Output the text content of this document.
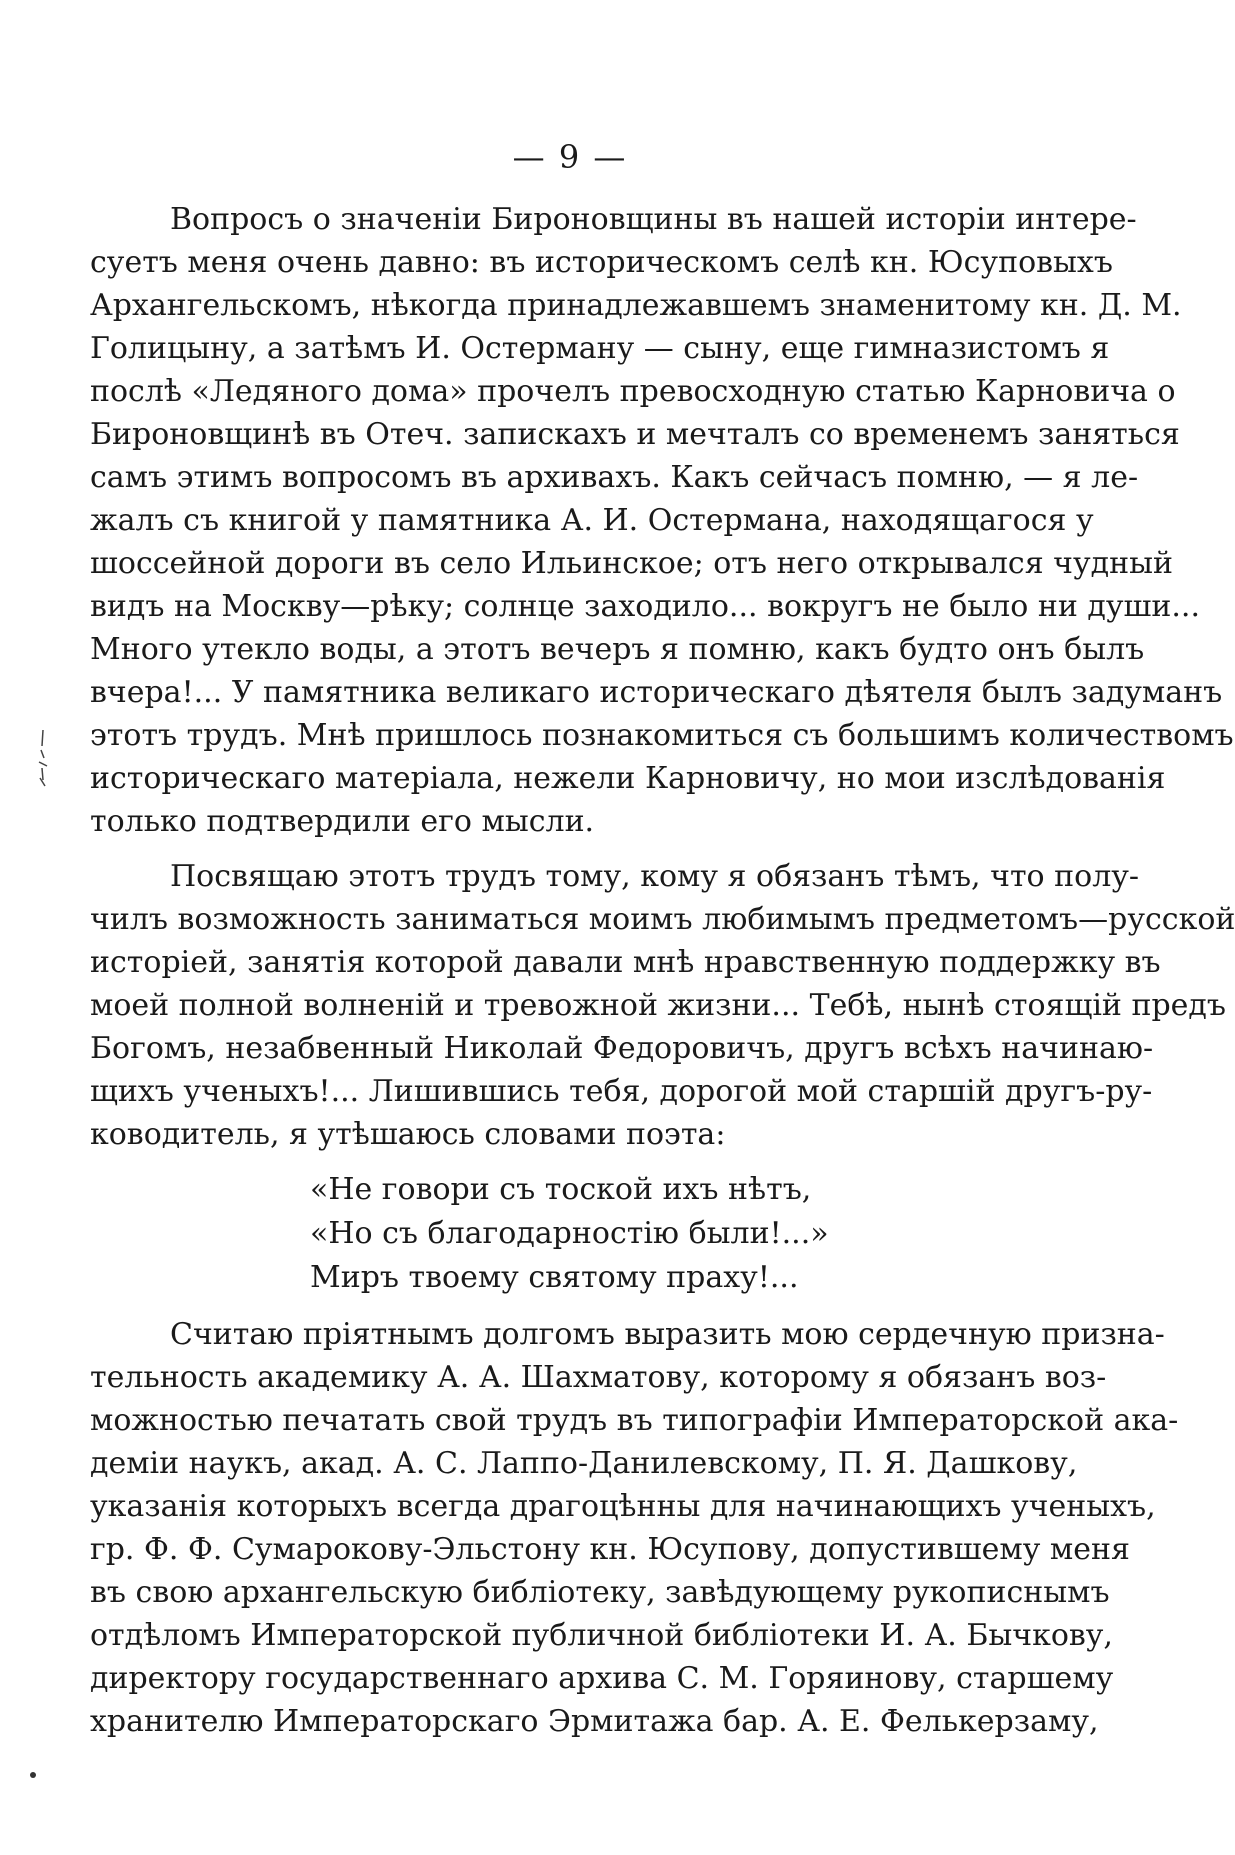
— 9 —
Вопросъ о значенiи Бироновщины въ нашей исторiи интере-
суетъ меня очень давно: въ историческомъ селѣ кн. Юсуповыхъ
Архангельскомъ, нѣкогда принадлежавшемъ знаменитому кн. Д. М.
Голицыну, а затѣмъ И. Остерману — сыну, еще гимназистомъ я
послѣ «Ледяного дома» прочелъ превосходную статью Карновича о
Бироновщинѣ въ Отеч. запискахъ и мечталъ со временемъ заняться
самъ этимъ вопросомъ въ архивахъ. Какъ сейчасъ помню, — я ле-
жалъ съ книгой у памятника А. И. Остермана, находящагося у
шоссейной дороги въ село Ильинское; отъ него открывался чудный
видъ на Москву—рѣку; солнце заходило... вокругъ не было ни души...
Много утекло воды, а этотъ вечеръ я помню, какъ будто онъ былъ
вчера!... У памятника великаго историческаго дѣятеля былъ задуманъ
этотъ трудъ. Мнѣ пришлось познакомиться съ большимъ количествомъ
историческаго матерiала, нежели Карновичу, но мои изслѣдованiя
только подтвердили его мысли.
Посвящаю этотъ трудъ тому, кому я обязанъ тѣмъ, что полу-
чилъ возможность заниматься моимъ любимымъ предметомъ—русской
исторiей, занятiя которой давали мнѣ нравственную поддержку въ
моей полной волненiй и тревожной жизни... Тебѣ, нынѣ стоящiй предъ
Богомъ, незабвенный Николай Федоровичъ, другъ всѣхъ начинаю-
щихъ ученыхъ!... Лишившись тебя, дорогой мой старшiй другъ-ру-
ководитель, я утѣшаюсь словами поэта:
«Не говори съ тоской ихъ нѣтъ,
«Но съ благодарностiю были!...»
Миръ твоему святому праху!...
Считаю прiятнымъ долгомъ выразить мою сердечную призна-
тельность академику А. А. Шахматову, которому я обязанъ воз-
можностью печатать свой трудъ въ типографiи Императорской ака-
демiи наукъ, акад. А. С. Лаппо-Данилевскому, П. Я. Дашкову,
указанiя которыхъ всегда драгоцѣнны для начинающихъ ученыхъ,
гр. Ф. Ф. Сумарокову-Эльстону кн. Юсупову, допустившему меня
въ свою архангельскую библiотеку, завѣдующему рукописнымъ
отдѣломъ Императорской публичной библiотеки И. А. Бычкову,
директору государственнаго архива С. М. Горяинову, старшему
хранителю Императорскаго Эрмитажа бар. А. Е. Фелькерзаму,
